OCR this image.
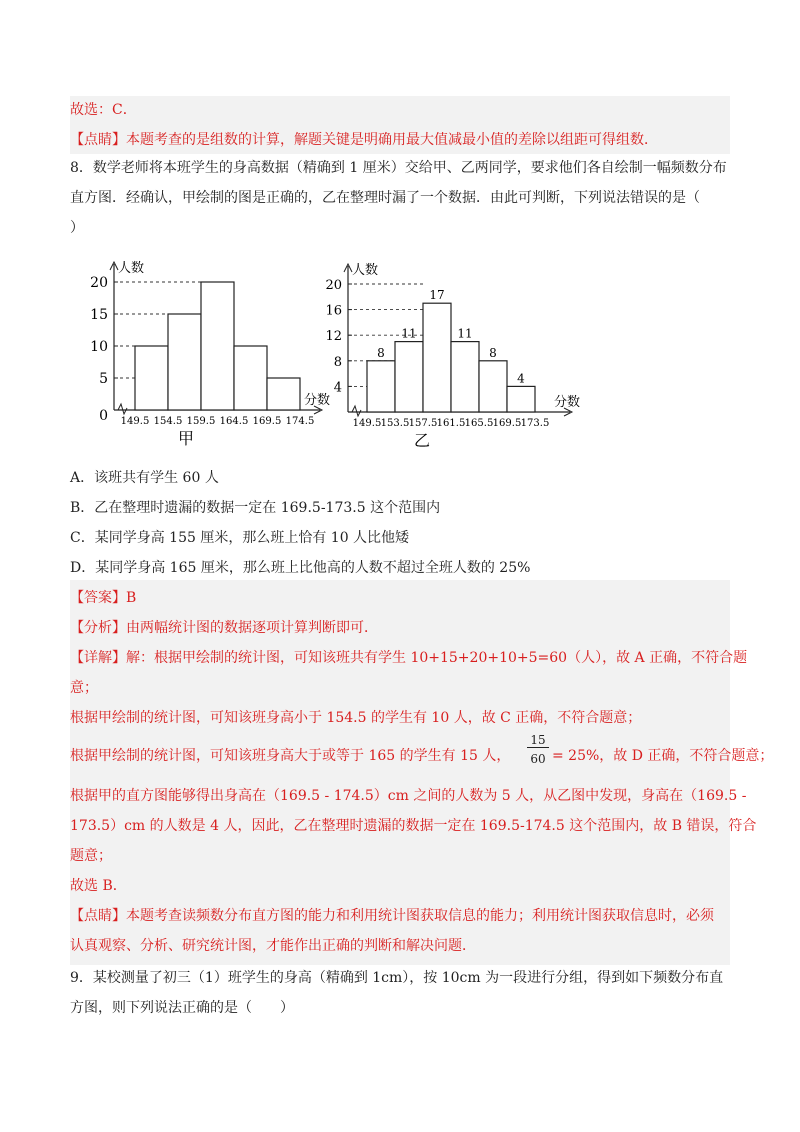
故选：C．
【点睛】本题考查的是组数的计算，解题关键是明确用最大值减最小值的差除以组距可得组数．
8．数学老师将本班学生的身高数据（精确到 1 厘米）交给甲、乙两同学，要求他们各自绘制一幅频数分布
直方图．经确认，甲绘制的图是正确的，乙在整理时漏了一个数据．由此可判断，下列说法错误的是（
）
人数
分数
0
5
10
15
20
149.5 154.5 159.5 164.5 169.5 174.5
甲
人数
分数
4
8
12
16
20
8
11
17
11
8
4
149.5 153.5 157.5 161.5 165.5 169.5 173.5
乙
A．该班共有学生 60 人
B．乙在整理时遗漏的数据一定在 169.5-173.5 这个范围内
C．某同学身高 155 厘米，那么班上恰有 10 人比他矮
D．某同学身高 165 厘米，那么班上比他高的人数不超过全班人数的 25%
【答案】B
【分析】由两幅统计图的数据逐项计算判断即可．
【详解】解：根据甲绘制的统计图，可知该班共有学生 10+15+20+10+5=60（人），故 A 正确，不符合题
意；
根据甲绘制的统计图，可知该班身高小于 154.5 的学生有 10 人，故 C 正确，不符合题意；
根据甲绘制的统计图，可知该班身高大于或等于 165 的学生有 15 人，
15
60 = 25%，故 D 正确，不符合题意；
根据甲的直方图能够得出身高在（169.5 - 174.5）cm 之间的人数为 5 人，从乙图中发现，身高在（169.5 -
173.5）cm 的人数是 4 人，因此，乙在整理时遗漏的数据一定在 169.5-174.5 这个范围内，故 B 错误，符合
题意；
故选 B．
【点睛】本题考查读频数分布直方图的能力和利用统计图获取信息的能力；利用统计图获取信息时，必须
认真观察、分析、研究统计图，才能作出正确的判断和解决问题．
9．某校测量了初三（1）班学生的身高（精确到 1cm），按 10cm 为一段进行分组，得到如下频数分布直
方图，则下列说法正确的是（　　）
